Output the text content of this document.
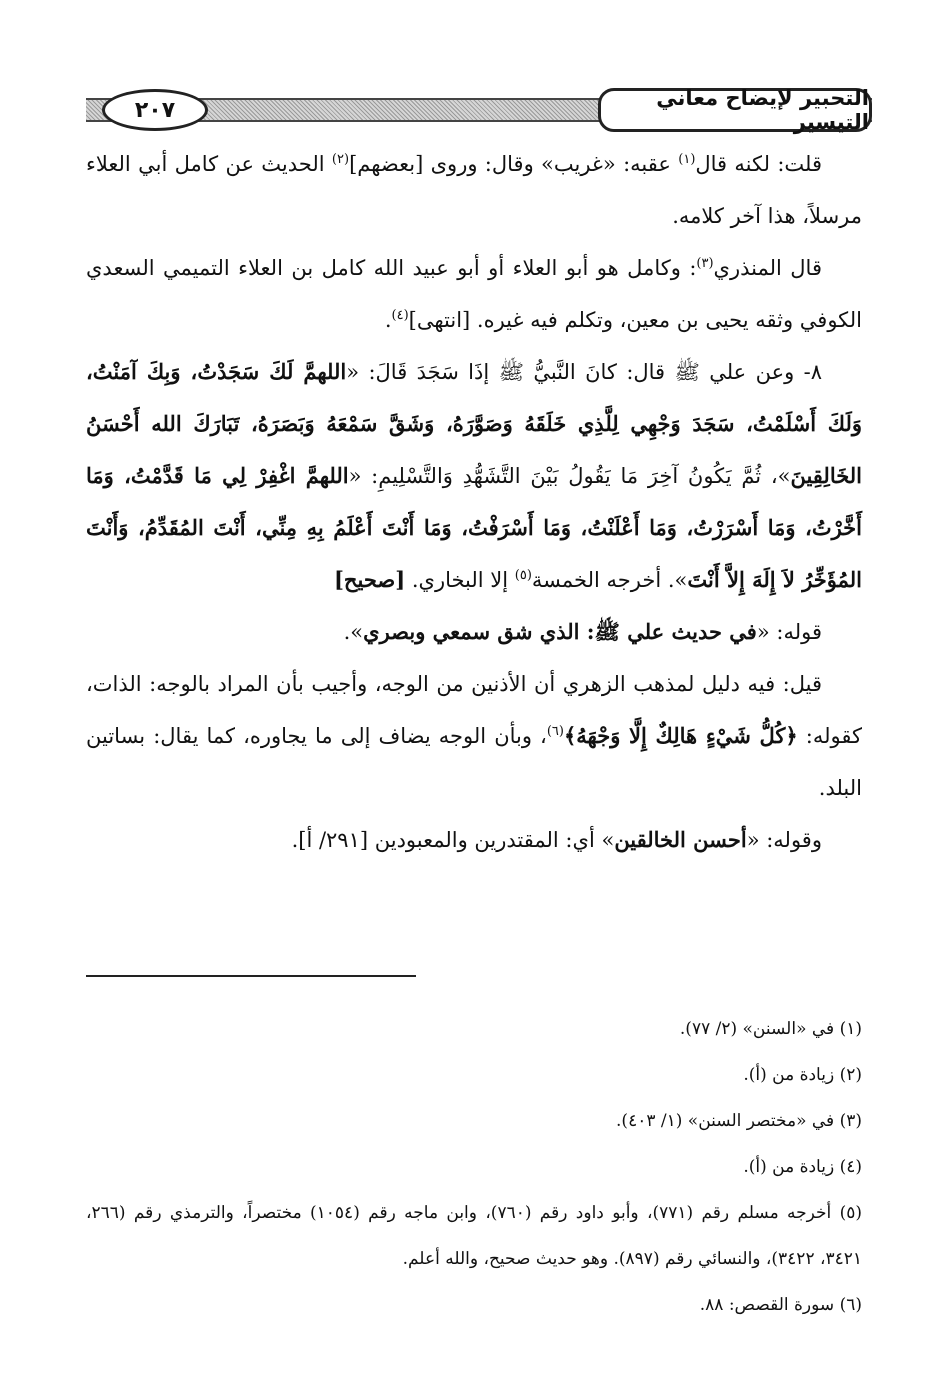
التحبير لإيضاح معاني التيسير
٢٠٧

قلت: لكنه قال$^{(١)}$ عقبه: «غريب» وقال: وروى [بعضهم]$^{(٢)}$ الحديث عن كامل أبي العلاء مرسلاً، هذا آخر كلامه.

قال المنذري$^{(٣)}$: وكامل هو أبو العلاء أو أبو عبيد الله كامل بن العلاء التميمي السعدي الكوفي وثقه يحيى بن معين، وتكلم فيه غيره. [انتهى]$^{(٤)}$.

٨- وعن علي ﷺ قال: كانَ النَّبيُّ ﷺ إذَا سَجَدَ قَالَ: «اللهمَّ لَكَ سَجَدْتُ، وَبِكَ آمَنْتُ، وَلَكَ أَسْلَمْتُ، سَجَدَ وَجْهِي لِلَّذِي خَلَقَهُ وَصَوَّرَهُ، وَشَقَّ سَمْعَهُ وَبَصَرَهُ، تَبَارَكَ الله أَحْسَنُ الخَالِقِينَ»، ثُمَّ يَكُونُ آخِرَ مَا يَقُولُ بَيْنَ التَّشَهُّدِ وَالتَّسْلِيمِ: «اللهمَّ اغْفِرْ لِي مَا قَدَّمْتُ، وَمَا أَخَّرْتُ، وَمَا أَسْرَرْتُ، وَمَا أَعْلَنْتُ، وَمَا أَسْرَفْتُ، وَمَا أَنْتَ أَعْلَمُ بِهِ مِنِّي، أَنْتَ المُقَدِّمُ، وَأَنْتَ المُؤَخِّرُ لاَ إِلَهَ إِلاَّ أَنْتَ». أخرجه الخمسة$^{(٥)}$ إلا البخاري. [صحيح]

قوله: «في حديث علي ﷺ: الذي شق سمعي وبصري».

قيل: فيه دليل لمذهب الزهري أن الأذنين من الوجه، وأجيب بأن المراد بالوجه: الذات، كقوله: ﴿كُلُّ شَيْءٍ هَالِكٌ إِلَّا وَجْهَهُ﴾$^{(٦)}$، وبأن الوجه يضاف إلى ما يجاوره، كما يقال: بساتين البلد.

وقوله: «أحسن الخالقين» أي: المقتدرين والمعبودين [٢٩١/ أ].

(١) في «السنن» (٢/ ٧٧).

(٢) زيادة من (أ).

(٣) في «مختصر السنن» (١/ ٤٠٣).

(٤) زيادة من (أ).

(٥) أخرجه مسلم رقم (٧٧١)، وأبو داود رقم (٧٦٠)، وابن ماجه رقم (١٠٥٤) مختصراً، والترمذي رقم (٢٦٦، ٣٤٢١، ٣٤٢٢)، والنسائي رقم (٨٩٧). وهو حديث صحيح، والله أعلم.

(٦) سورة القصص: ٨٨.
